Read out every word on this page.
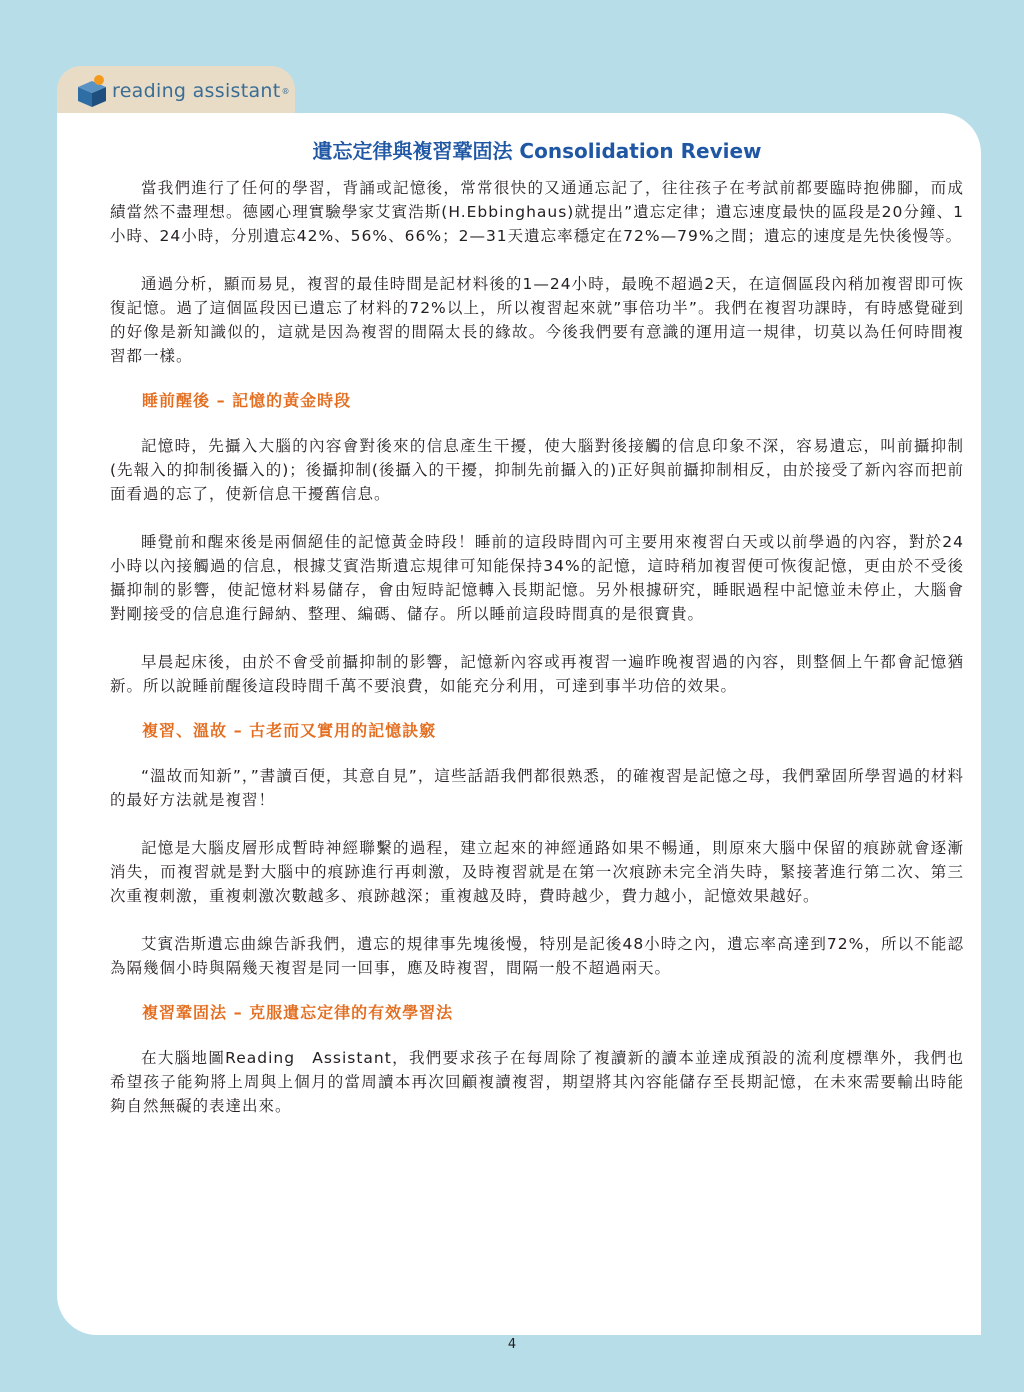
reading assistant ®
遺忘定律與複習鞏固法 Consolidation Review

當我們進行了任何的學習，背誦或記憶後，常常很快的又通通忘記了，往往孩子在考試前都要臨時抱佛腳，而成績當然不盡理想。德國心理實驗學家艾賓浩斯(H.Ebbinghaus)就提出”遺忘定律；遺忘速度最快的區段是20分鐘、1小時、24小時，分別遺忘42%、56%、66%；2—31天遺忘率穩定在72%—79%之間；遺忘的速度是先快後慢等。

通過分析，顯而易見，複習的最佳時間是記材料後的1—24小時，最晚不超過2天，在這個區段內稍加複習即可恢復記憶。過了這個區段因已遺忘了材料的72%以上，所以複習起來就”事倍功半”。我們在複習功課時，有時感覺碰到的好像是新知識似的，這就是因為複習的間隔太長的緣故。今後我們要有意識的運用這一規律，切莫以為任何時間複習都一樣。

睡前醒後 – 記憶的黃金時段

記憶時，先攝入大腦的內容會對後來的信息產生干擾，使大腦對後接觸的信息印象不深，容易遺忘，叫前攝抑制(先報入的抑制後攝入的)；後攝抑制(後攝入的干擾，抑制先前攝入的)正好與前攝抑制相反，由於接受了新內容而把前面看過的忘了，使新信息干擾舊信息。

睡覺前和醒來後是兩個絕佳的記憶黃金時段！睡前的這段時間內可主要用來複習白天或以前學過的內容，對於24小時以內接觸過的信息，根據艾賓浩斯遺忘規律可知能保持34%的記憶，這時稍加複習便可恢復記憶，更由於不受後攝抑制的影響，使記憶材料易儲存，會由短時記憶轉入長期記憶。另外根據研究，睡眠過程中記憶並未停止，大腦會對剛接受的信息進行歸納、整理、編碼、儲存。所以睡前這段時間真的是很寶貴。

早晨起床後，由於不會受前攝抑制的影響，記憶新內容或再複習一遍昨晚複習過的內容，則整個上午都會記憶猶新。所以說睡前醒後這段時間千萬不要浪費，如能充分利用，可達到事半功倍的效果。

複習、溫故 – 古老而又實用的記憶訣竅

“溫故而知新”，”書讀百便，其意自見”，這些話語我們都很熟悉，的確複習是記憶之母，我們鞏固所學習過的材料的最好方法就是複習！

記憶是大腦皮層形成暫時神經聯繫的過程，建立起來的神經通路如果不暢通，則原來大腦中保留的痕跡就會逐漸消失，而複習就是對大腦中的痕跡進行再刺激，及時複習就是在第一次痕跡未完全消失時，緊接著進行第二次、第三次重複刺激，重複刺激次數越多、痕跡越深；重複越及時，費時越少，費力越小，記憶效果越好。

艾賓浩斯遺忘曲線告訴我們，遺忘的規律事先塊後慢，特別是記後48小時之內，遺忘率高達到72%，所以不能認為隔幾個小時與隔幾天複習是同一回事，應及時複習，間隔一般不超過兩天。

複習鞏固法 – 克服遺忘定律的有效學習法

在大腦地圖Reading　Assistant，我們要求孩子在每周除了複讀新的讀本並達成預設的流利度標準外，我們也希望孩子能夠將上周與上個月的當周讀本再次回顧複讀複習，期望將其內容能儲存至長期記憶，在未來需要輸出時能夠自然無礙的表達出來。

4
